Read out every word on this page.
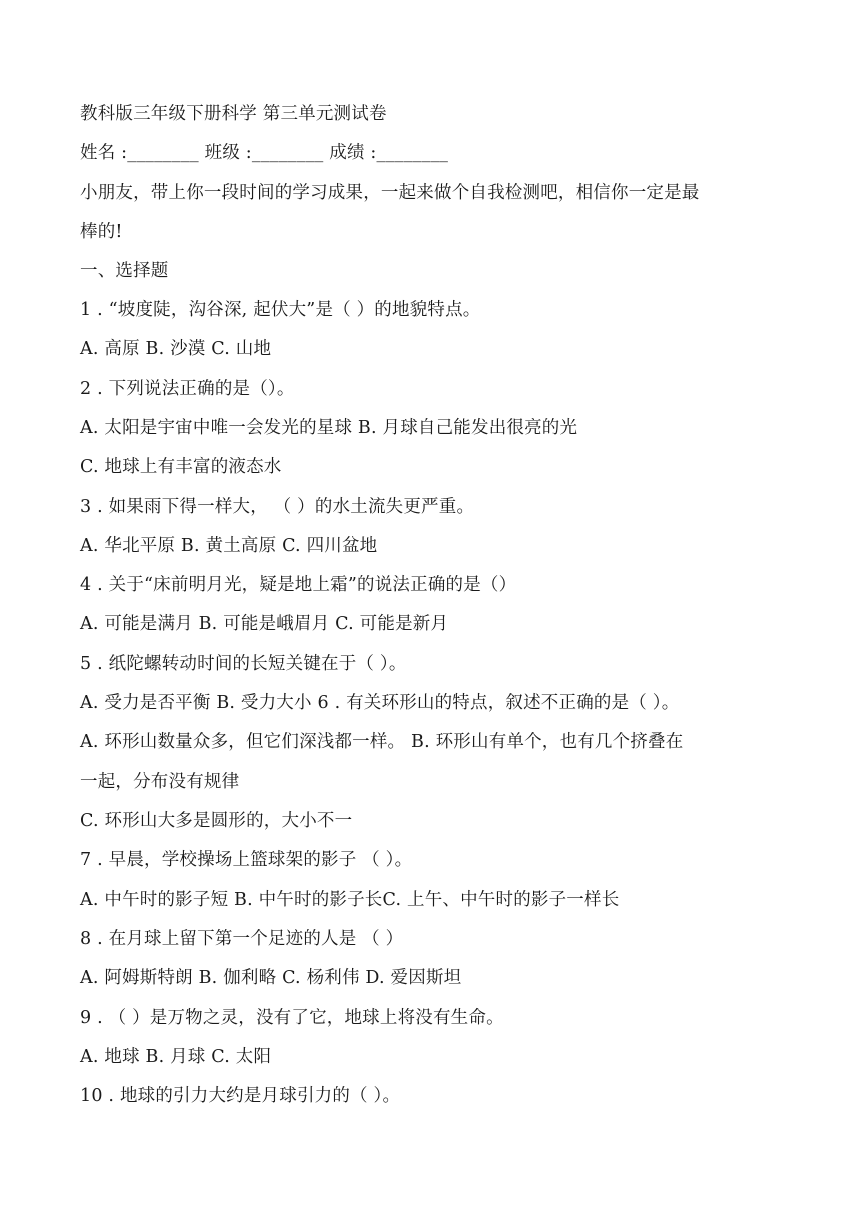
教科版三年级下册科学 第三单元测试卷
姓名 :________ 班级 :________ 成绩 :________
小朋友，带上你一段时间的学习成果，一起来做个自我检测吧，相信你一定是最
棒的!
一、选择题
1 . “坡度陡，沟谷深, 起伏大”是（ ）的地貌特点。
A. 高原 B. 沙漠 C. 山地
2 . 下列说法正确的是（）。
A. 太阳是宇宙中唯一会发光的星球 B. 月球自己能发出很亮的光
C. 地球上有丰富的液态水
3 . 如果雨下得一样大， （ ）的水土流失更严重。
A. 华北平原 B. 黄土高原 C. 四川盆地
4 . 关于“床前明月光，疑是地上霜”的说法正确的是（）
A. 可能是满月 B. 可能是峨眉月 C. 可能是新月
5 . 纸陀螺转动时间的长短关键在于（ ）。
A. 受力是否平衡 B. 受力大小 6 . 有关环形山的特点，叙述不正确的是（ ）。
A. 环形山数量众多，但它们深浅都一样。 B. 环形山有单个，也有几个挤叠在
一起，分布没有规律
C. 环形山大多是圆形的，大小不一
7 . 早晨，学校操场上篮球架的影子 （ ）。
A. 中午时的影子短 B. 中午时的影子长C. 上午、中午时的影子一样长
8 . 在月球上留下第一个足迹的人是 （ ）
A. 阿姆斯特朗 B. 伽利略 C. 杨利伟 D. 爱因斯坦
9 . （ ）是万物之灵，没有了它，地球上将没有生命。
A. 地球 B. 月球 C. 太阳
10 . 地球的引力大约是月球引力的（ ）。
